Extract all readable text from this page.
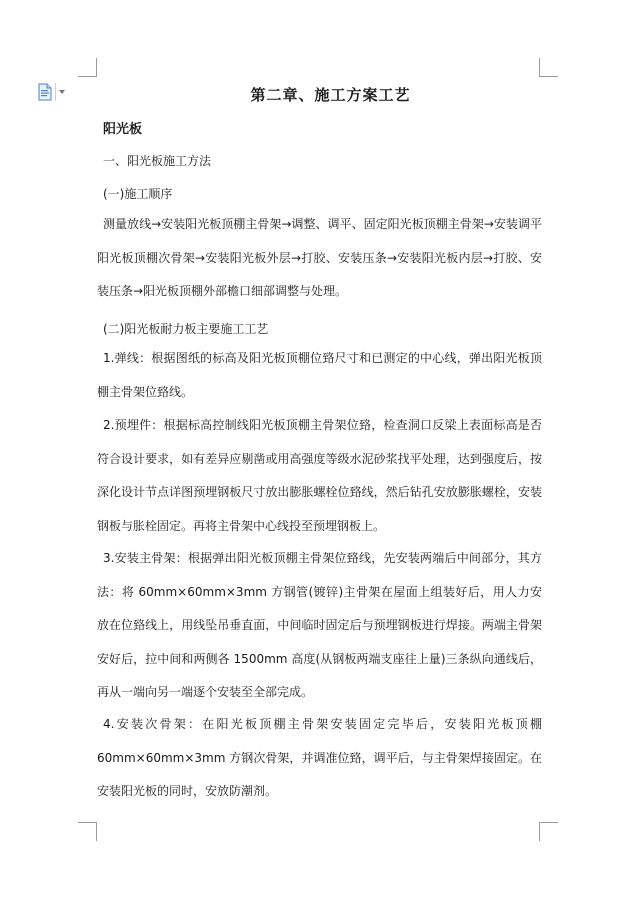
第二章、施工方案工艺

阳光板

一、阳光板施工方法

(一)施工顺序

测量放线→安装阳光板顶棚主骨架→调整、调平、固定阳光板顶棚主骨架→安装调平阳光板顶棚次骨架→安装阳光板外层→打胶、安装压条→安装阳光板内层→打胶、安装压条→阳光板顶棚外部檐口细部调整与处理。

(二)阳光板耐力板主要施工工艺

1.弹线：根据图纸的标高及阳光板顶棚位臵尺寸和已测定的中心线，弹出阳光板顶棚主骨架位臵线。

2.预埋件：根据标高控制线阳光板顶棚主骨架位臵，检查洞口反梁上表面标高是否符合设计要求，如有差异应剔凿或用高强度等级水泥砂浆找平处理，达到强度后，按深化设计节点详图预埋钢板尺寸放出膨胀螺栓位臵线，然后钻孔安放膨胀螺栓，安装钢板与胀栓固定。再将主骨架中心线投至预埋钢板上。

3.安装主骨架：根据弹出阳光板顶棚主骨架位臵线，先安装两端后中间部分，其方法：将 60mm×60mm×3mm 方钢管(镀锌)主骨架在屋面上组装好后，用人力安放在位臵线上，用线坠吊垂直面，中间临时固定后与预埋钢板进行焊接。两端主骨架安好后，拉中间和两侧各 1500mm 高度(从钢板两端支座往上量)三条纵向通线后，再从一端向另一端逐个安装至全部完成。

4.安装次骨架：在阳光板顶棚主骨架安装固定完毕后，安装阳光板顶棚 60mm×60mm×3mm 方钢次骨架，并调准位臵，调平后，与主骨架焊接固定。在安装阳光板的同时，安放防潮剂。
